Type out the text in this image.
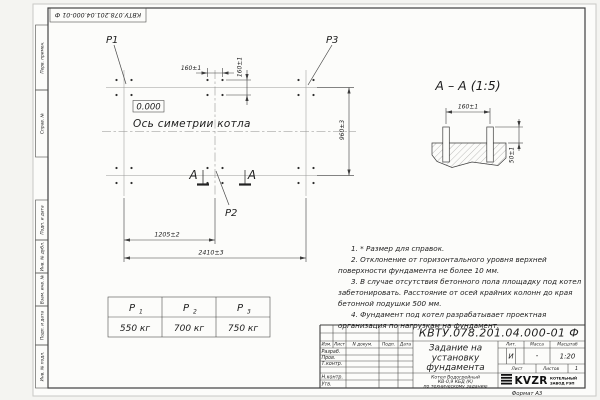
КВТУ.078.201.04.000-01 Ф
Перв. примен.
Справ. №
Подп. и дата
Инв. № дубл.
Взам. инв. №
Подп. и дата
Инв. № подл.
P1	P3
P2
0.000
Ось симетрии котла
А	А
160±1	160±1
960±3
1205±2
2410±3
А – А (1:5)
160±1
50±1
Р 1	Р 2	Р 3
550 кг	700 кг	750 кг	КВТУ.078.201.04.000-01 Ф
Изм. Лист N докум. Подп. Дата
Разраб.
Пров.
Т.контр.
Н.контр.
Утв.
Задание на
установку
фундамента
Котел Водогрейный
КВ-0,9 КБД (К)
по техническому заданию
Лит.	Масса	Масштаб
И	-	1:20
Лист	Листов	1
KVZR КОТЕЛЬНЫЙ
ЗАВОД РЭП
Формат А3

1. * Размер для справок.

2. Отклонение от горизонтального уровня верхней поверхности фундамента не более 10 мм.

3. В случае отсутствия бетонного пола площадку под котел забетонировать. Расстояние от осей крайних колонн до края бетонной подушки 500 мм.

4. Фундамент под котел разрабатывает проектная организация по нагрузкам на фундамент.
